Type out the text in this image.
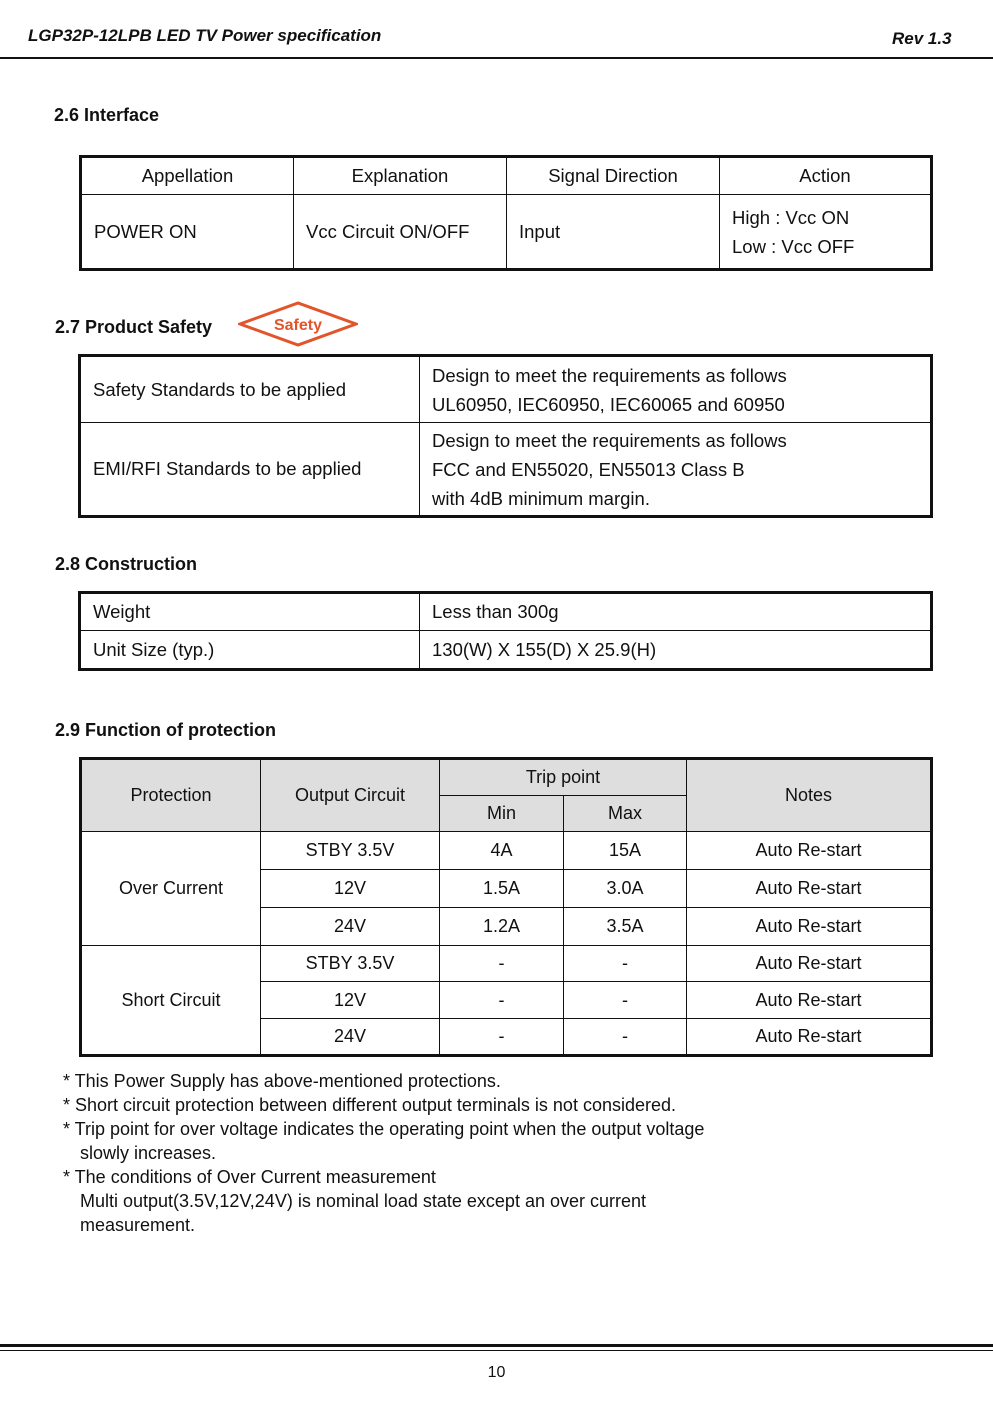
LGP32P-12LPB LED TV Power specification	Rev 1.3
2.6 Interface
Appellation	Explanation	Signal Direction	Action
POWER ON	Vcc Circuit ON/OFF	Input	High : Vcc ON
Low : Vcc OFF
2.7 Product Safety	Safety
Safety Standards to be applied	Design to meet the requirements as follows
UL60950, IEC60950, IEC60065 and 60950

EMI/RFI Standards to be applied	Design to meet the requirements as follows
FCC and EN55020, EN55013 Class B
with 4dB minimum margin.
2.8 Construction
Weight	Less than 300g
Unit Size (typ.)	130(W) X 155(D) X 25.9(H)
2.9 Function of protection
Protection	Output Circuit	Trip point		Notes
		Min	Max	
Over Current	STBY 3.5V	4A	15A	Auto Re-start
	12V	1.5A	3.0A	Auto Re-start
	24V	1.2A	3.5A	Auto Re-start
Short Circuit	STBY 3.5V	-	-	Auto Re-start
	12V	-	-	Auto Re-start
	24V	-	-	Auto Re-start
* This Power Supply has above-mentioned protections.
* Short circuit protection between different output terminals is not considered.
* Trip point for over voltage indicates the operating point when the output voltage
slowly increases.
* The conditions of Over Current measurement
Multi output(3.5V,12V,24V) is nominal load state except an over current
measurement.
10
